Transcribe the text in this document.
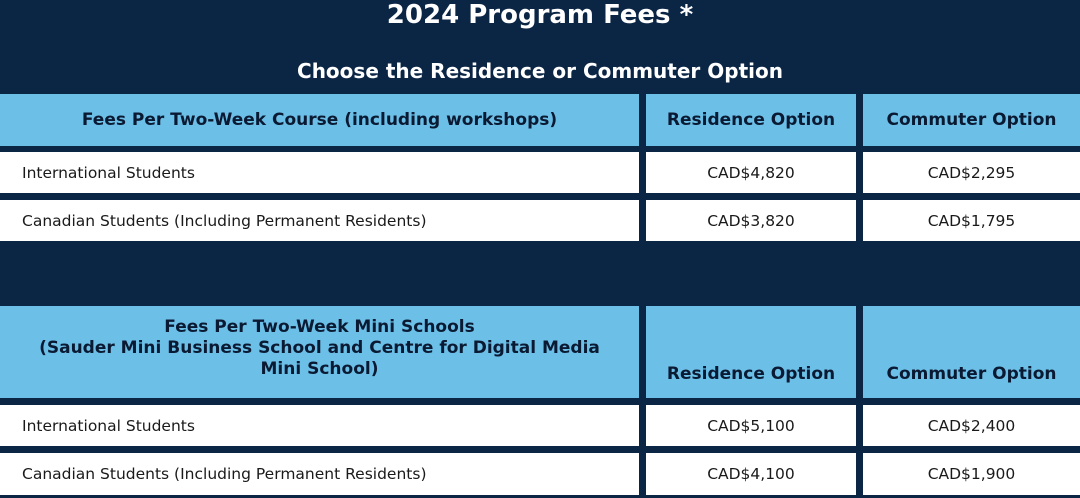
2024 Program Fees *
Choose the Residence or Commuter Option
Fees Per Two-Week Course (including workshops)	Residence Option	Commuter Option
International Students	CAD$4,820	CAD$2,295
Canadian Students (Including Permanent Residents)	CAD$3,820	CAD$1,795
Fees Per Two-Week Mini Schools
(Sauder Mini Business School and Centre for Digital Media Mini School)	Residence Option	Commuter Option
International Students	CAD$5,100	CAD$2,400
Canadian Students (Including Permanent Residents)	CAD$4,100	CAD$1,900
